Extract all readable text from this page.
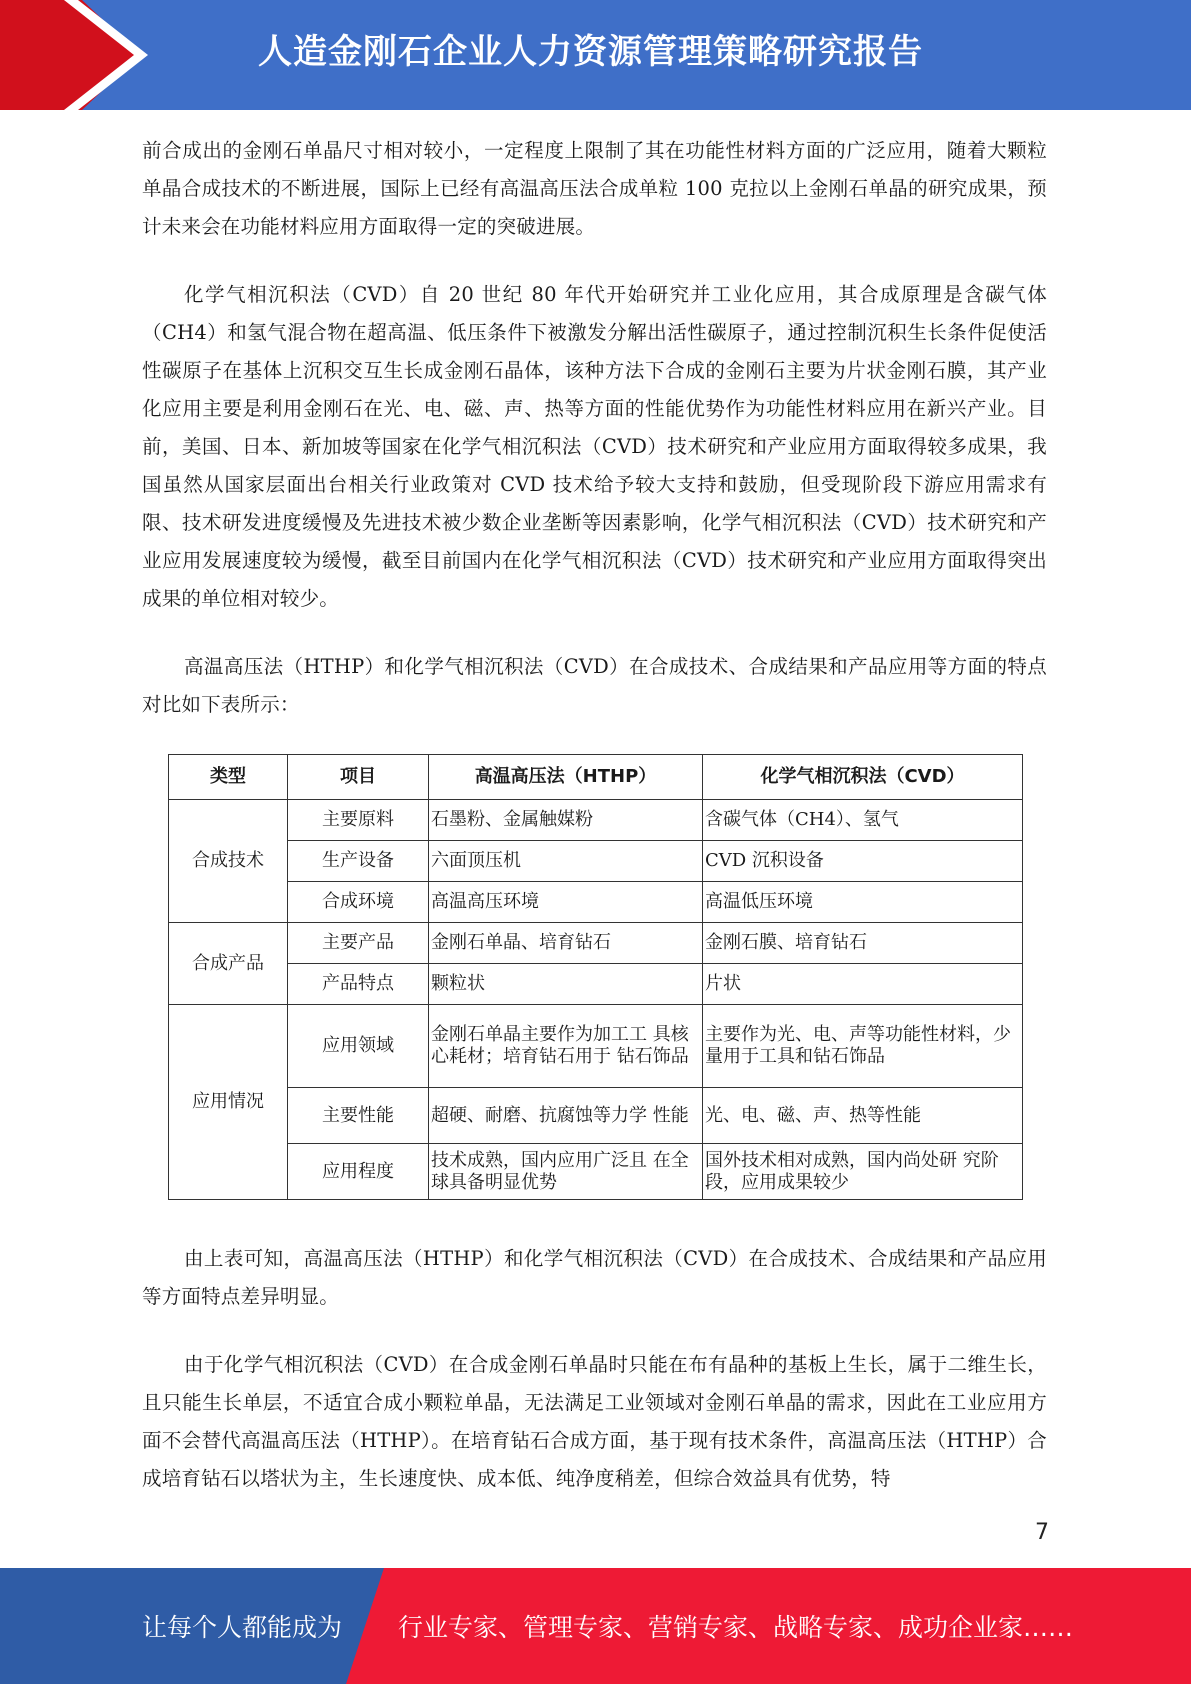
人造金刚石企业人力资源管理策略研究报告

前合成出的金刚石单晶尺寸相对较小，一定程度上限制了其在功能性材料方面的广泛应用，随着大颗粒单晶合成技术的不断进展，国际上已经有高温高压法合成单粒 100 克拉以上金刚石单晶的研究成果，预计未来会在功能材料应用方面取得一定的突破进展。

化学气相沉积法（CVD）自 20 世纪 80 年代开始研究并工业化应用，其合成原理是含碳气体（CH4）和氢气混合物在超高温、低压条件下被激发分解出活性碳原子，通过控制沉积生长条件促使活性碳原子在基体上沉积交互生长成金刚石晶体，该种方法下合成的金刚石主要为片状金刚石膜，其产业化应用主要是利用金刚石在光、电、磁、声、热等方面的性能优势作为功能性材料应用在新兴产业。目前，美国、日本、新加坡等国家在化学气相沉积法（CVD）技术研究和产业应用方面取得较多成果，我国虽然从国家层面出台相关行业政策对 CVD 技术给予较大支持和鼓励，但受现阶段下游应用需求有限、技术研发进度缓慢及先进技术被少数企业垄断等因素影响，化学气相沉积法（CVD）技术研究和产业应用发展速度较为缓慢，截至目前国内在化学气相沉积法（CVD）技术研究和产业应用方面取得突出成果的单位相对较少。

高温高压法（HTHP）和化学气相沉积法（CVD）在合成技术、合成结果和产品应用等方面的特点对比如下表所示：

类型	项目	高温高压法（HTHP）	化学气相沉积法（CVD）
合成技术	主要原料	石墨粉、金属触媒粉	含碳气体（CH4）、氢气
	生产设备	六面顶压机	CVD 沉积设备
	合成环境	高温高压环境	高温低压环境
合成产品	主要产品	金刚石单晶、培育钻石	金刚石膜、培育钻石
	产品特点	颗粒状	片状
应用情况	应用领域	金刚石单晶主要作为加工工 具核心耗材；培育钻石用于 钻石饰品	主要作为光、电、声等功能性材料，少量用于工具和钻石饰品
	主要性能	超硬、耐磨、抗腐蚀等力学 性能	光、电、磁、声、热等性能
	应用程度	技术成熟，国内应用广泛且 在全球具备明显优势	国外技术相对成熟，国内尚处研 究阶段，应用成果较少

由上表可知，高温高压法（HTHP）和化学气相沉积法（CVD）在合成技术、合成结果和产品应用等方面特点差异明显。

由于化学气相沉积法（CVD）在合成金刚石单晶时只能在布有晶种的基板上生长，属于二维生长，且只能生长单层，不适宜合成小颗粒单晶，无法满足工业领域对金刚石单晶的需求，因此在工业应用方面不会替代高温高压法（HTHP）。在培育钻石合成方面，基于现有技术条件，高温高压法（HTHP）合成培育钻石以塔状为主，生长速度快、成本低、纯净度稍差，但综合效益具有优势，特

7
让每个人都能成为 行业专家、管理专家、营销专家、战略专家、成功企业家……
